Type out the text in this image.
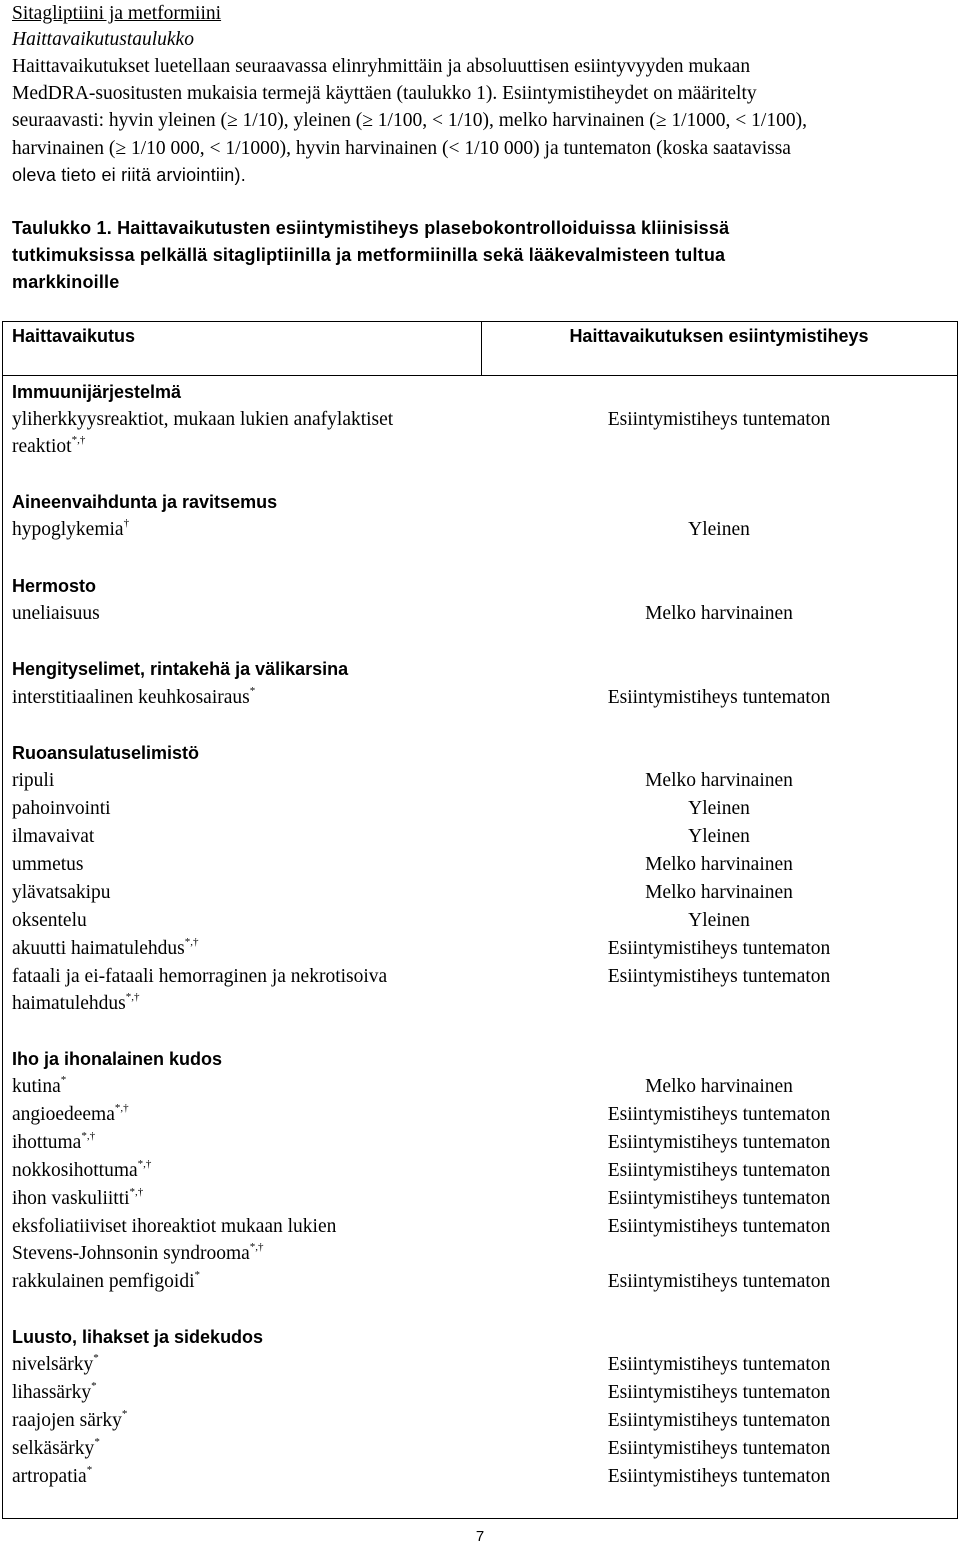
Sitagliptiini ja metformiini
Haittavaikutustaulukko
Haittavaikutukset luetellaan seuraavassa elinryhmittäin ja absoluuttisen esiintyvyyden mukaan
MedDRA-suositusten mukaisia termejä käyttäen (taulukko 1). Esiintymistiheydet on määritelty
seuraavasti: hyvin yleinen (≥ 1/10), yleinen (≥ 1/100, < 1/10), melko harvinainen (≥ 1/1000, < 1/100),
harvinainen (≥ 1/10 000, < 1/1000), hyvin harvinainen (< 1/10 000) ja tuntematon (koska saatavissa
oleva tieto ei riitä arviointiin).
Taulukko 1. Haittavaikutusten esiintymistiheys plasebokontrolloiduissa kliinisissä
tutkimuksissa pelkällä sitagliptiinilla ja metformiinilla sekä lääkevalmisteen tultua
markkinoille
Haittavaikutus	Haittavaikutuksen esiintymistiheys
Immuunijärjestelmä
yliherkkyysreaktiot, mukaan lukien anafylaktiset
reaktiot*,†
Esiintymistiheys tuntematon
Aineenvaihdunta ja ravitsemus
hypoglykemia†	Yleinen
Hermosto
uneliaisuus	Melko harvinainen
Hengityselimet, rintakehä ja välikarsina
interstitiaalinen keuhkosairaus*	Esiintymistiheys tuntematon
Ruoansulatuselimistö
ripuli	Melko harvinainen
pahoinvointi	Yleinen
ilmavaivat	Yleinen
ummetus	Melko harvinainen
ylävatsakipu	Melko harvinainen
oksentelu	Yleinen
akuutti haimatulehdus*,†	Esiintymistiheys tuntematon
fataali ja ei-fataali hemorraginen ja nekrotisoiva
haimatulehdus*,†
Esiintymistiheys tuntematon
Iho ja ihonalainen kudos
kutina*	Melko harvinainen
angioedeema*,†	Esiintymistiheys tuntematon
ihottuma*,†	Esiintymistiheys tuntematon
nokkosihottuma*,†	Esiintymistiheys tuntematon
ihon vaskuliitti*,†	Esiintymistiheys tuntematon
eksfoliatiiviset ihoreaktiot mukaan lukien
Stevens-Johnsonin syndrooma*,†
Esiintymistiheys tuntematon
rakkulainen pemfigoidi*	Esiintymistiheys tuntematon
Luusto, lihakset ja sidekudos
nivelsärky*	Esiintymistiheys tuntematon
lihassärky*	Esiintymistiheys tuntematon
raajojen särky*	Esiintymistiheys tuntematon
selkäsärky*	Esiintymistiheys tuntematon
artropatia*	Esiintymistiheys tuntematon
7
